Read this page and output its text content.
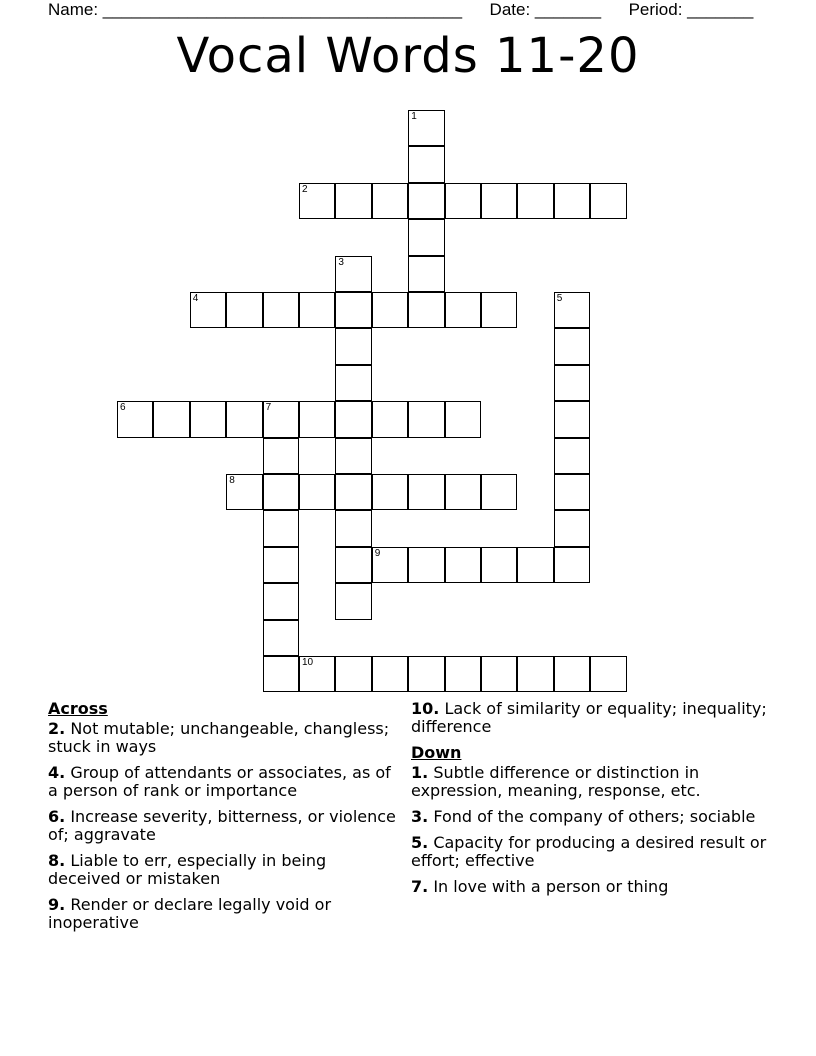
Name: ______________________________________ Date: _______ Period: _______
Vocal Words 11-20
1
2
3
4	5
6	7
8
9
10
Across
2. Not mutable; unchangeable, changless; stuck in ways
4. Group of attendants or associates, as of a person of rank or importance
6. Increase severity, bitterness, or violence of; aggravate
8. Liable to err, especially in being deceived or mistaken
9. Render or declare legally void or inoperative
10. Lack of similarity or equality; inequality; difference
Down
1. Subtle difference or distinction in expression, meaning, response, etc.
3. Fond of the company of others; sociable
5. Capacity for producing a desired result or effort; effective
7. In love with a person or thing
